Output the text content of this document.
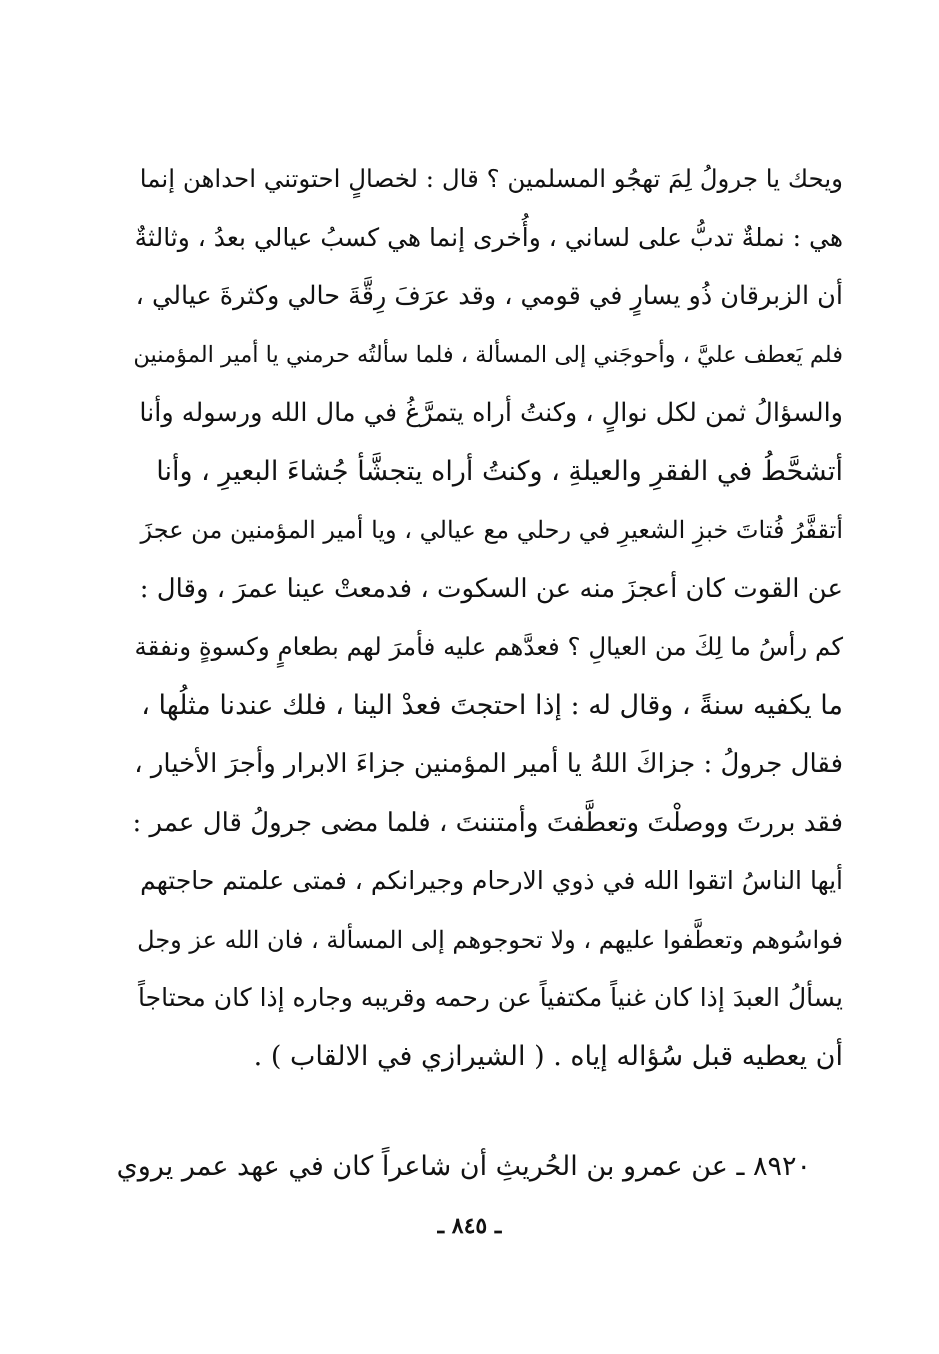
ويحك يا جرولُ لِمَ تهجُو المسلمين ؟ قال : لخصالٍ احتوتني احداهن إنما
هي : نملةٌ تدبُّ على لساني ، وأُخرى إنما هي كسبُ عيالي بعدُ ، وثالثةٌ
أن الزبرقان ذُو يسارٍ في قومي ، وقد عرَفَ رِقَّةَ حالي وكثرةَ عيالي ،
فلم يَعطف عليَّ ، وأحوجَني إلى المسألة ، فلما سألتُه حرمني يا أمير المؤمنين
والسؤالُ ثمن لكل نوالٍ ، وكنتُ أراه يتمرَّغُ في مال الله ورسوله وأنا
أتشحَّطُ في الفقرِ والعيلةِ ، وكنتُ أراه يتجشَّأ جُشاءَ البعيرِ ، وأنا
أتقفَّرُ فُتاتَ خبزِ الشعيرِ في رحلي مع عيالي ، ويا أمير المؤمنين من عجزَ
عن القوت كان أعجزَ منه عن السكوت ، فدمعتْ عينا عمرَ ، وقال :
كم رأسُ ما لِكَ من العيالِ ؟ فعدَّهم عليه فأمرَ لهم بطعامٍ وكسوةٍ ونفقة
ما يكفيه سنةً ، وقال له : إذا احتجتَ فعدْ الينا ، فلك عندنا مثلُها ،
فقال جرولُ : جزاكَ اللهُ يا أمير المؤمنين جزاءَ الابرار وأجرَ الأخيار ،
فقد بررتَ ووصلْتَ وتعطَّفتَ وأمتننتَ ، فلما مضى جرولُ قال عمر :
أيها الناسُ اتقوا الله في ذوي الارحام وجيرانكم ، فمتى علمتم حاجتهم
فواسُوهم وتعطَّفوا عليهم ، ولا تحوجوهم إلى المسألة ، فان الله عز وجل
يسألُ العبدَ إذا كان غنياً مكتفياً عن رحمه وقريبه وجاره إذا كان محتاجاً
أن يعطيه قبل سُؤاله إياه . ( الشيرازي في الالقاب ) .
٨٩٢٠ ـ عن عمرو بن الحُريثِ أن شاعراً كان في عهد عمر يروي
ـ ٨٤٥ ـ
